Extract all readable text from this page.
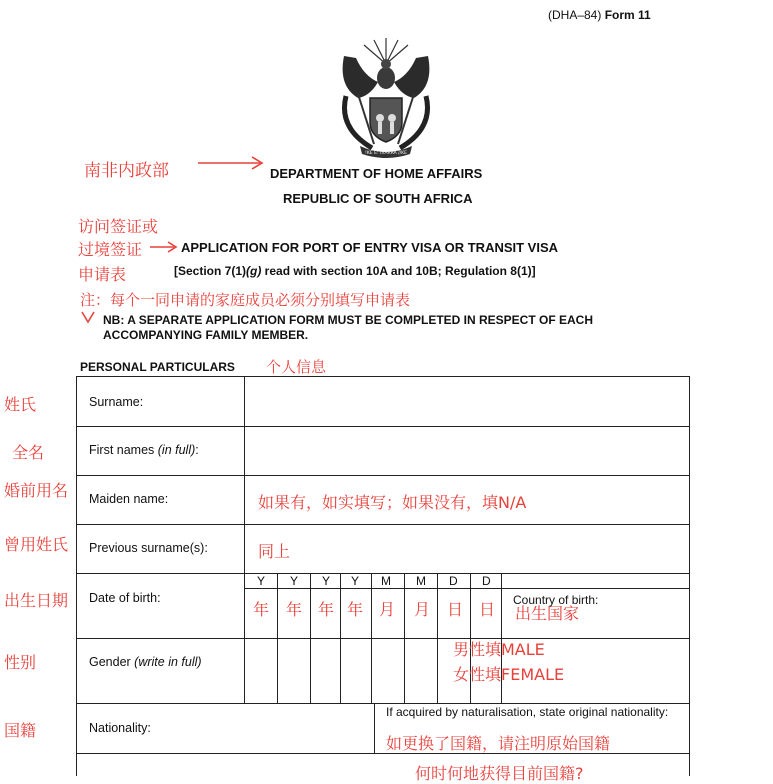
(DHA–84) Form 11
!KE E: /XARRA //KE
南非内政部	DEPARTMENT OF HOME AFFAIRS
REPUBLIC OF SOUTH AFRICA
访问签证或
过境签证
申请表
APPLICATION FOR PORT OF ENTRY VISA OR TRANSIT VISA
[Section 7(1)(g) read with section 10A and 10B; Regulation 8(1)]
注：每个一同申请的家庭成员必须分别填写申请表
NB: A SEPARATE APPLICATION FORM MUST BE COMPLETED IN RESPECT OF EACH ACCOMPANYING FAMILY MEMBER.
PERSONAL PARTICULARS 个人信息
姓氏
全名
婚前用名
曾用姓氏
出生日期
性别
国籍
Surname:
First names (in full):
Maiden name:
Previous surname(s):
Date of birth:
Gender (write in full)
Nationality:
如果有，如实填写；如果没有，填N/A
同上
Y Y Y Y M M D D
年 年 年 年 月 月 日 日 Country of birth:
出生国家
男性填MALE
女性填FEMALE
If acquired by naturalisation, state original nationality:
如更换了国籍，请注明原始国籍
何时何地获得目前国籍?
